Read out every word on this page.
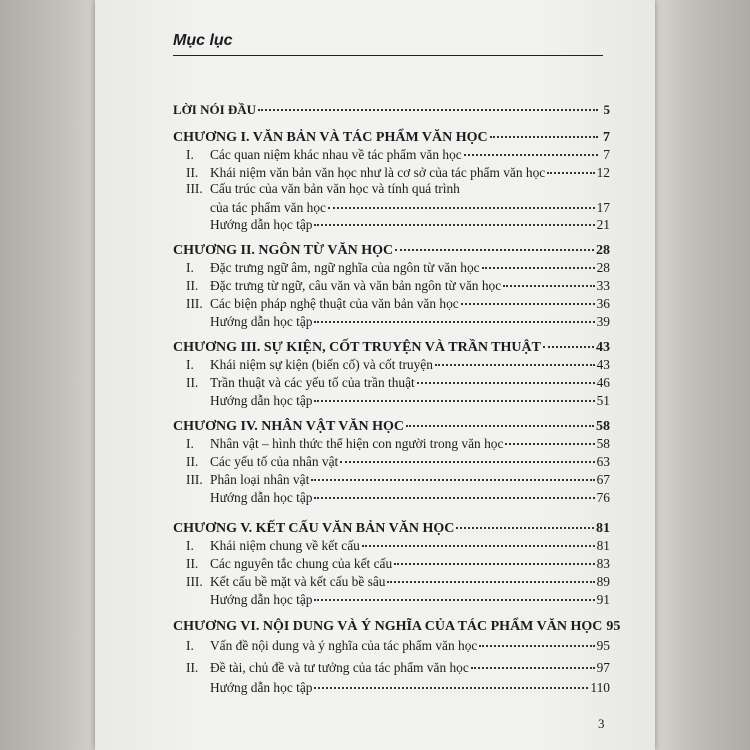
Mục lục
LỜI NÓI ĐẦU	5
CHƯƠNG I. VĂN BẢN VÀ TÁC PHẨM VĂN HỌC	7
I.	Các quan niệm khác nhau về tác phẩm văn học	7
II. Khái niệm văn bản văn học như là cơ sở của tác phẩm văn học	12
III. Cấu trúc của văn bản văn học và tính quá trình
của tác phẩm văn học	17
Hướng dẫn học tập	21
CHƯƠNG II. NGÔN TỪ VĂN HỌC	28
I.	Đặc trưng ngữ âm, ngữ nghĩa của ngôn từ văn học	28
II. Đặc trưng từ ngữ, câu văn và văn bản ngôn từ văn học	33
III. Các biện pháp nghệ thuật của văn bản văn học	36
Hướng dẫn học tập	39
CHƯƠNG III. SỰ KIỆN, CỐT TRUYỆN VÀ TRẦN THUẬT	43
I.	Khái niệm sự kiện (biến cố) và cốt truyện	43
II. Trần thuật và các yếu tố của trần thuật	46
Hướng dẫn học tập	51
CHƯƠNG IV. NHÂN VẬT VĂN HỌC	58
I.	Nhân vật – hình thức thể hiện con người trong văn học	58
II. Các yếu tố của nhân vật	63
III. Phân loại nhân vật	67
Hướng dẫn học tập	76
CHƯƠNG V. KẾT CẤU VĂN BẢN VĂN HỌC	81
I.	Khái niệm chung về kết cấu	81
II. Các nguyên tắc chung của kết cấu	83
III. Kết cấu bề mặt và kết cấu bề sâu	89
Hướng dẫn học tập	91
CHƯƠNG VI. NỘI DUNG VÀ Ý NGHĨA CỦA TÁC PHẨM VĂN HỌC 95
I.	Vấn đề nội dung và ý nghĩa của tác phẩm văn học	95
II. Đề tài, chủ đề và tư tưởng của tác phẩm văn học	97
Hướng dẫn học tập	110
3
